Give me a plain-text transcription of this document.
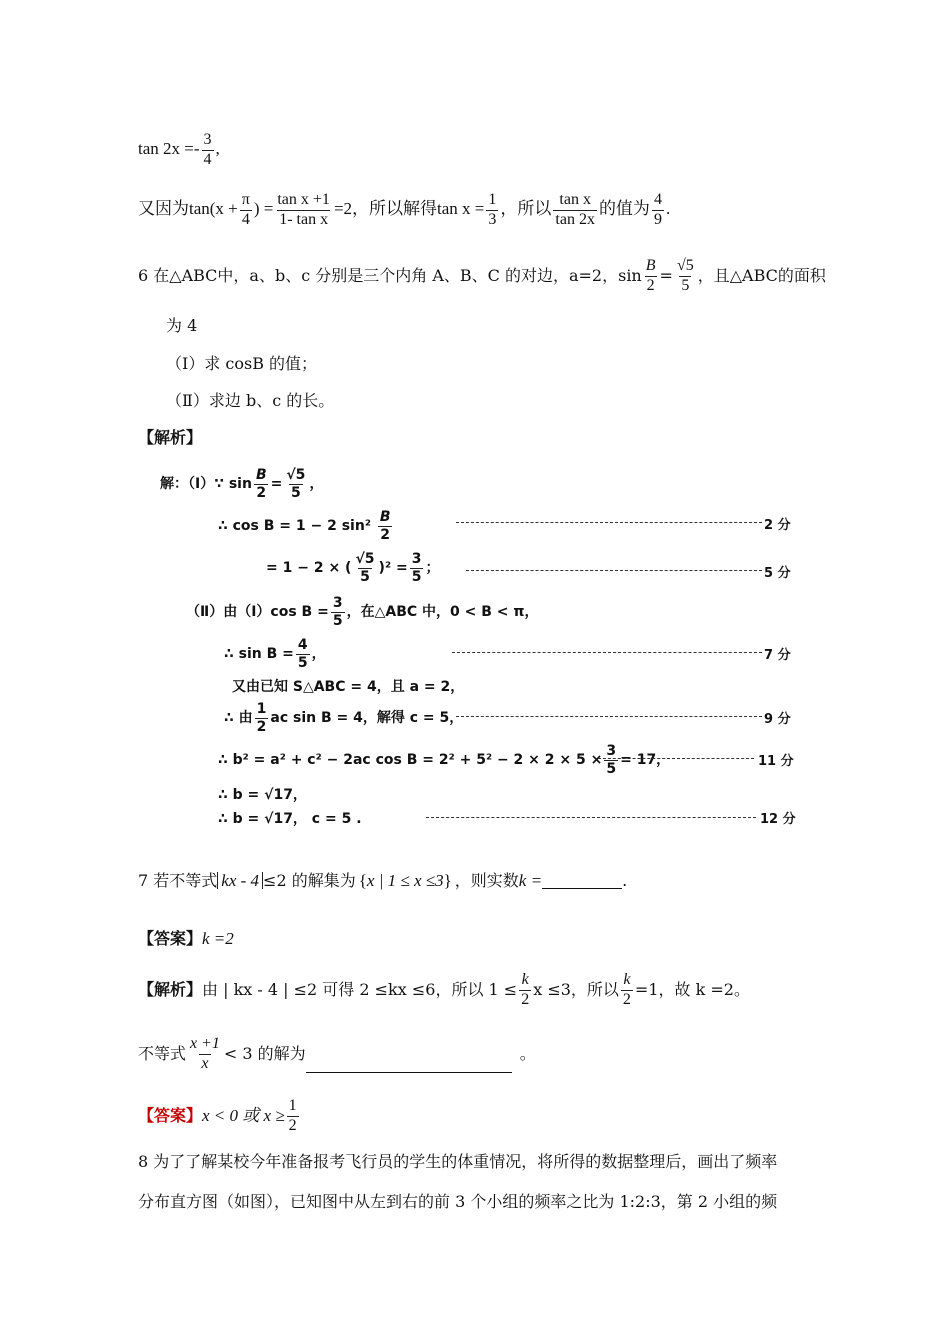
$\tan 2x =- \frac{3}{4}$ ,
又因为$\tan(x + \frac{\pi}{4}$ ) = $\frac{\text{tan x +1}}{\text{1- tan x}} =2$，所以解得$\tan x = \frac{1}{3}$ ，所以 $\frac{\text{tan x}}{\tan 2x}$ 的值为 $\frac{4}{9}$ .
6 在△ABC中，a、b、c 分别是三个内角 A、B、C 的对边，a=2，$\sin \frac{B}{2} = \frac{√5}{5}$ ，且△ABC的面积
为 4
（Ⅰ）求 cosB 的值；
（Ⅱ）求边 b、c 的长。
【解析】
解：（Ⅰ）∵ $\sin \frac{B}{2} = \frac{√5}{5}$ ，
∴ cos B = 1 − 2 $\sin^2 \frac{B}{2}$	2 分
= 1 − 2 × ( $\frac{√5}{5} )^2 = \frac{3}{5}$ ；	5 分
（Ⅱ）由（Ⅰ）cos $B = \frac{3}{5}$ ，在△ABC 中，0 < B < π，
∴ $\sin B = \frac{4}{5}$ ，	7 分
又由已知 S△ABC = 4，且 a = 2，
∴ 由 $\frac{1}{2}$ ac sin B = 4，解得 c = 5，	9 分
∴ b² = a² + c² − 2ac $\cos B = 2^2 + 5^2 - 2 \times 2 \times 5 \times \frac{3}{5} = 17$，	11 分
∴ b = √17，
∴ b = √17， c = 5 .	12 分
7 若不等式 kx - 4 ≤2 的解集为 {x | 1 ≤ x ≤3} ，则实数k =	.
【答案】k =2
【解析】由 | kx - 4 | ≤2 可得 2 ≤kx ≤6，所以 $1 \le \frac{k}{2}$ x ≤3，所以 $\frac{k}{2} =1$，故 k =2。
不等式 $\frac{x +1}{x} < 3$ 的解为	。
【答案】x < 0 或 $x \ge \frac{1}{2}$
8 为了了解某校今年准备报考飞行员的学生的体重情况，将所得的数据整理后，画出了频率
分布直方图（如图），已知图中从左到右的前 3 个小组的频率之比为 1:2:3，第 2 小组的频
